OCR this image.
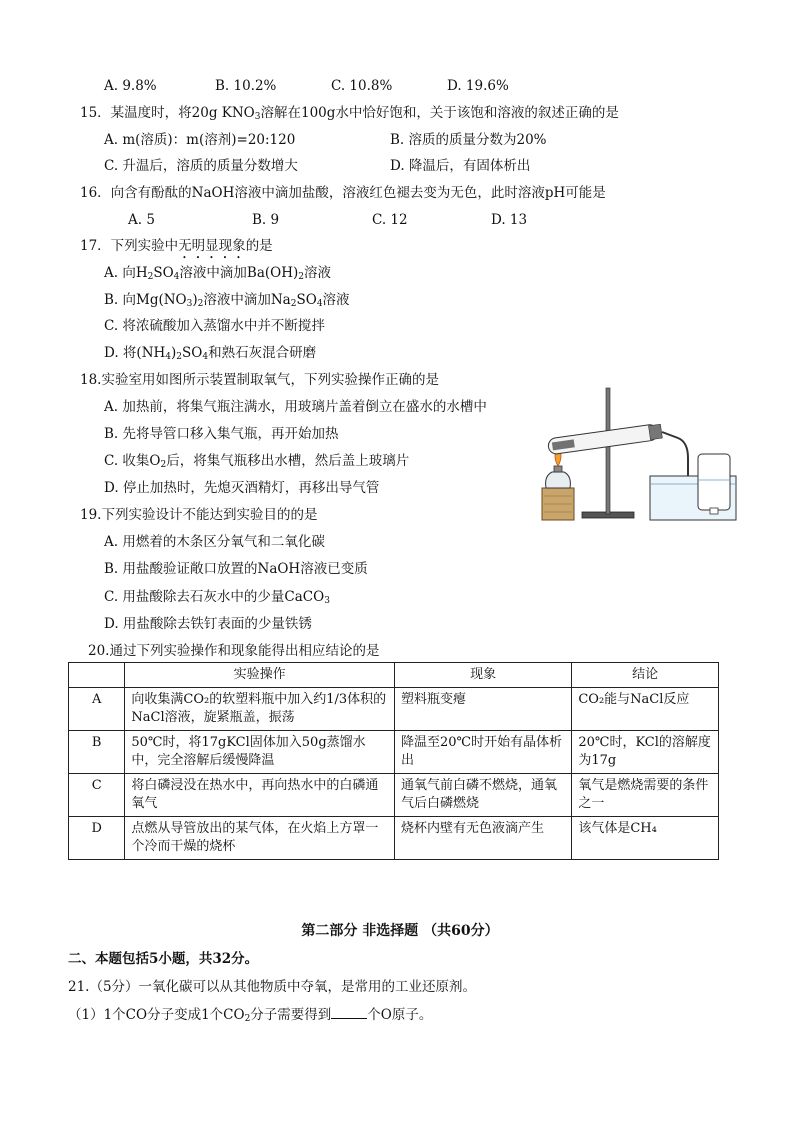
A. 9.8%	B. 10.2%	C. 10.8%	D. 19.6%
15．某温度时，将20g $KNO_3$溶解在100g水中恰好饱和，关于该饱和溶液的叙述正确的是
A. m(溶质)：m(溶剂)=20:120	B. 溶质的质量分数为20%
C. 升温后，溶质的质量分数增大	D. 降温后，有固体析出
16．向含有酚酞的NaOH溶液中滴加盐酸，溶液红色褪去变为无色，此时溶液pH可能是
A. 5	B. 9	C. 12	D. 13
17．下列实验中无明显现象的是
A. 向$H_2SO_4$溶液中滴加$Ba(OH)_2$溶液
B. 向$Mg(NO_3)_2$溶液中滴加$Na_2SO_4$溶液
C. 将浓硫酸加入蒸馏水中并不断搅拌
D. 将$(NH_4)_2SO_4$和熟石灰混合研磨
18.实验室用如图所示装置制取氧气，下列实验操作正确的是
A. 加热前，将集气瓶注满水，用玻璃片盖着倒立在盛水的水槽中
B. 先将导管口移入集气瓶，再开始加热
C. 收集$O_2$后，将集气瓶移出水槽，然后盖上玻璃片
D. 停止加热时，先熄灭酒精灯，再移出导气管
19.下列实验设计不能达到实验目的的是
A. 用燃着的木条区分氧气和二氧化碳
B. 用盐酸验证敞口放置的NaOH溶液已变质
C. 用盐酸除去石灰水中的少量CaCO$_3$
D. 用盐酸除去铁钉表面的少量铁锈
20.通过下列实验操作和现象能得出相应结论的是
	实验操作	现象	结论
A	向收集满CO₂的软塑料瓶中加入约1/3体积的NaCl溶液，旋紧瓶盖，振荡	塑料瓶变瘪	CO₂能与NaCl反应
B	50℃时，将17gKCl固体加入50g蒸馏水中，完全溶解后缓慢降温	降温至20℃时开始有晶体析出	20℃时，KCl的溶解度为17g
C	将白磷浸没在热水中，再向热水中的白磷通氧气	通氧气前白磷不燃烧，通氧气后白磷燃烧	氧气是燃烧需要的条件之一
D	点燃从导管放出的某气体，在火焰上方罩一个冷而干燥的烧杯	烧杯内壁有无色液滴产生	该气体是CH₄
第二部分 非选择题 （共60分）
二、本题包括5小题，共32分。
21.（5分）一氧化碳可以从其他物质中夺氧，是常用的工业还原剂。
（1）1个CO分子变成1个$CO_2$分子需要得到	个O原子。
